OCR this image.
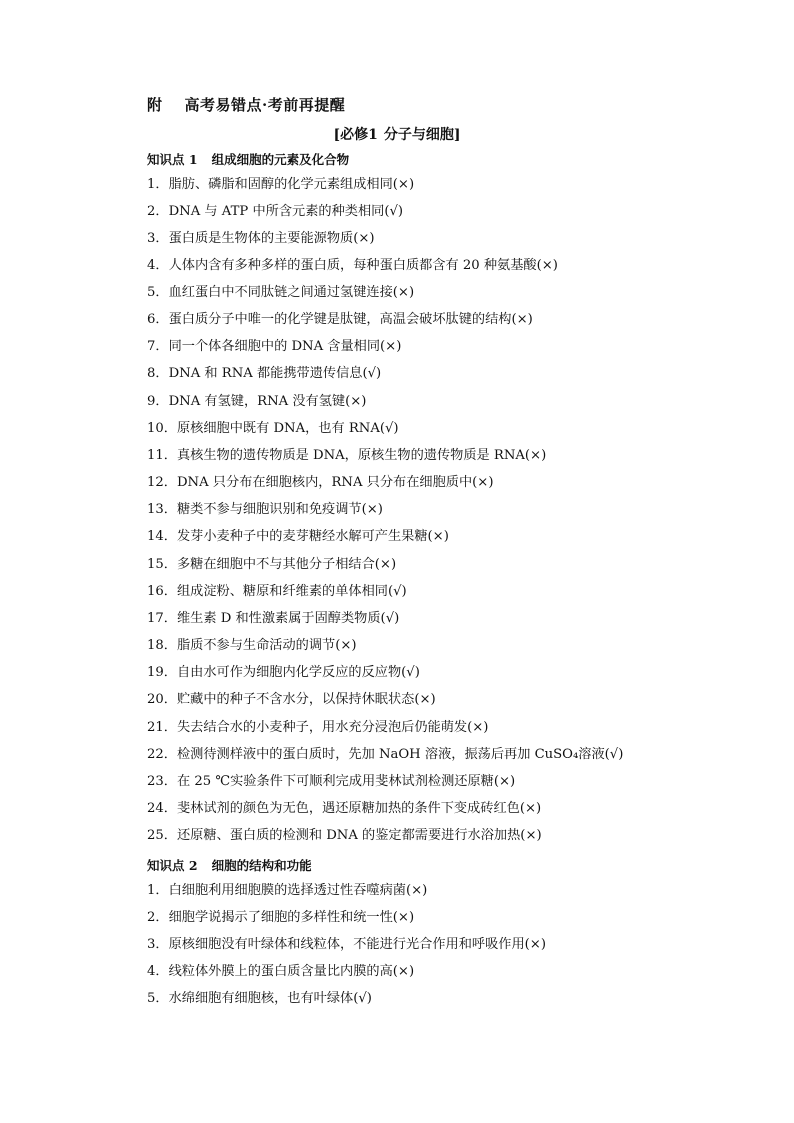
附 高考易错点·考前再提醒
[必修1 分子与细胞]
知识点 1 组成细胞的元素及化合物
1．脂肪、磷脂和固醇的化学元素组成相同(×)
2．DNA 与 ATP 中所含元素的种类相同(√)
3．蛋白质是生物体的主要能源物质(×)
4．人体内含有多种多样的蛋白质，每种蛋白质都含有 20 种氨基酸(×)
5．血红蛋白中不同肽链之间通过氢键连接(×)
6．蛋白质分子中唯一的化学键是肽键，高温会破坏肽键的结构(×)
7．同一个体各细胞中的 DNA 含量相同(×)
8．DNA 和 RNA 都能携带遗传信息(√)
9．DNA 有氢键，RNA 没有氢键(×)
10．原核细胞中既有 DNA，也有 RNA(√)
11．真核生物的遗传物质是 DNA，原核生物的遗传物质是 RNA(×)
12．DNA 只分布在细胞核内，RNA 只分布在细胞质中(×)
13．糖类不参与细胞识别和免疫调节(×)
14．发芽小麦种子中的麦芽糖经水解可产生果糖(×)
15．多糖在细胞中不与其他分子相结合(×)
16．组成淀粉、糖原和纤维素的单体相同(√)
17．维生素 D 和性激素属于固醇类物质(√)
18．脂质不参与生命活动的调节(×)
19．自由水可作为细胞内化学反应的反应物(√)
20．贮藏中的种子不含水分，以保持休眠状态(×)
21．失去结合水的小麦种子，用水充分浸泡后仍能萌发(×)
22．检测待测样液中的蛋白质时，先加 NaOH 溶液，振荡后再加 CuSO₄溶液(√)
23．在 25 ℃实验条件下可顺利完成用斐林试剂检测还原糖(×)
24．斐林试剂的颜色为无色，遇还原糖加热的条件下变成砖红色(×)
25．还原糖、蛋白质的检测和 DNA 的鉴定都需要进行水浴加热(×)
知识点 2 细胞的结构和功能
1．白细胞利用细胞膜的选择透过性吞噬病菌(×)
2．细胞学说揭示了细胞的多样性和统一性(×)
3．原核细胞没有叶绿体和线粒体，不能进行光合作用和呼吸作用(×)
4．线粒体外膜上的蛋白质含量比内膜的高(×)
5．水绵细胞有细胞核，也有叶绿体(√)
